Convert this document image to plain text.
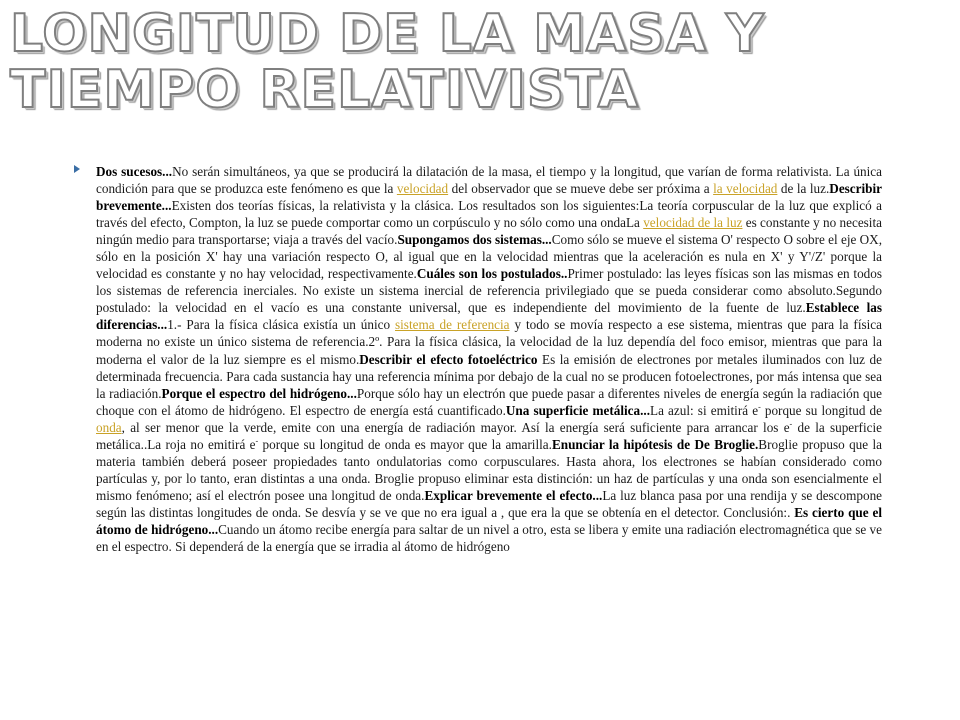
LONGITUD DE LA MASA Y
TIEMPO RELATIVISTA

Dos sucesos...No serán simultáneos, ya que se producirá la dilatación de la masa, el tiempo y la longitud, que varían de forma relativista. La única condición para que se produzca este fenómeno es que la velocidad del observador que se mueve debe ser próxima a la velocidad de la luz.Describir brevemente...Existen dos teorías físicas, la relativista y la clásica. Los resultados son los siguientes:La teoría corpuscular de la luz que explicó a través del efecto, Compton, la luz se puede comportar como un corpúsculo y no sólo como una ondaLa velocidad de la luz es constante y no necesita ningún medio para transportarse; viaja a través del vacío.Supongamos dos sistemas...Como sólo se mueve el sistema O' respecto O sobre el eje OX, sólo en la posición X' hay una variación respecto O, al igual que en la velocidad mientras que la aceleración es nula en X' y Y'/Z' porque la velocidad es constante y no hay velocidad, respectivamente.Cuáles son los postulados..Primer postulado: las leyes físicas son las mismas en todos los sistemas de referencia inerciales. No existe un sistema inercial de referencia privilegiado que se pueda considerar como absoluto.Segundo postulado: la velocidad en el vacío es una constante universal, que es independiente del movimiento de la fuente de luz.Establece las diferencias...1.- Para la física clásica existía un único sistema de referencia y todo se movía respecto a ese sistema, mientras que para la física moderna no existe un único sistema de referencia.2º. Para la física clásica, la velocidad de la luz dependía del foco emisor, mientras que para la moderna el valor de la luz siempre es el mismo.Describir el efecto fotoeléctrico Es la emisión de electrones por metales iluminados con luz de determinada frecuencia. Para cada sustancia hay una referencia mínima por debajo de la cual no se producen fotoelectrones, por más intensa que sea la radiación.Porque el espectro del hidrógeno...Porque sólo hay un electrón que puede pasar a diferentes niveles de energía según la radiación que choque con el átomo de hidrógeno. El espectro de energía está cuantificado.Una superficie metálica...La azul: si emitirá e- porque su longitud de onda, al ser menor que la verde, emite con una energía de radiación mayor. Así la energía será suficiente para arrancar los e- de la superficie metálica..La roja no emitirá e- porque su longitud de onda es mayor que la amarilla.Enunciar la hipótesis de De Broglie.Broglie propuso que la materia también deberá poseer propiedades tanto ondulatorias como corpusculares. Hasta ahora, los electrones se habían considerado como partículas y, por lo tanto, eran distintas a una onda. Broglie propuso eliminar esta distinción: un haz de partículas y una onda son esencialmente el mismo fenómeno; así el electrón posee una longitud de onda.Explicar brevemente el efecto...La luz blanca pasa por una rendija y se descompone según las distintas longitudes de onda. Se desvía y se ve que no era igual a , que era la que se obtenía en el detector. Conclusión:. Es cierto que el átomo de hidrógeno...Cuando un átomo recibe energía para saltar de un nivel a otro, esta se libera y emite una radiación electromagnética que se ve en el espectro. Si dependerá de la energía que se irradia al átomo de hidrógeno
